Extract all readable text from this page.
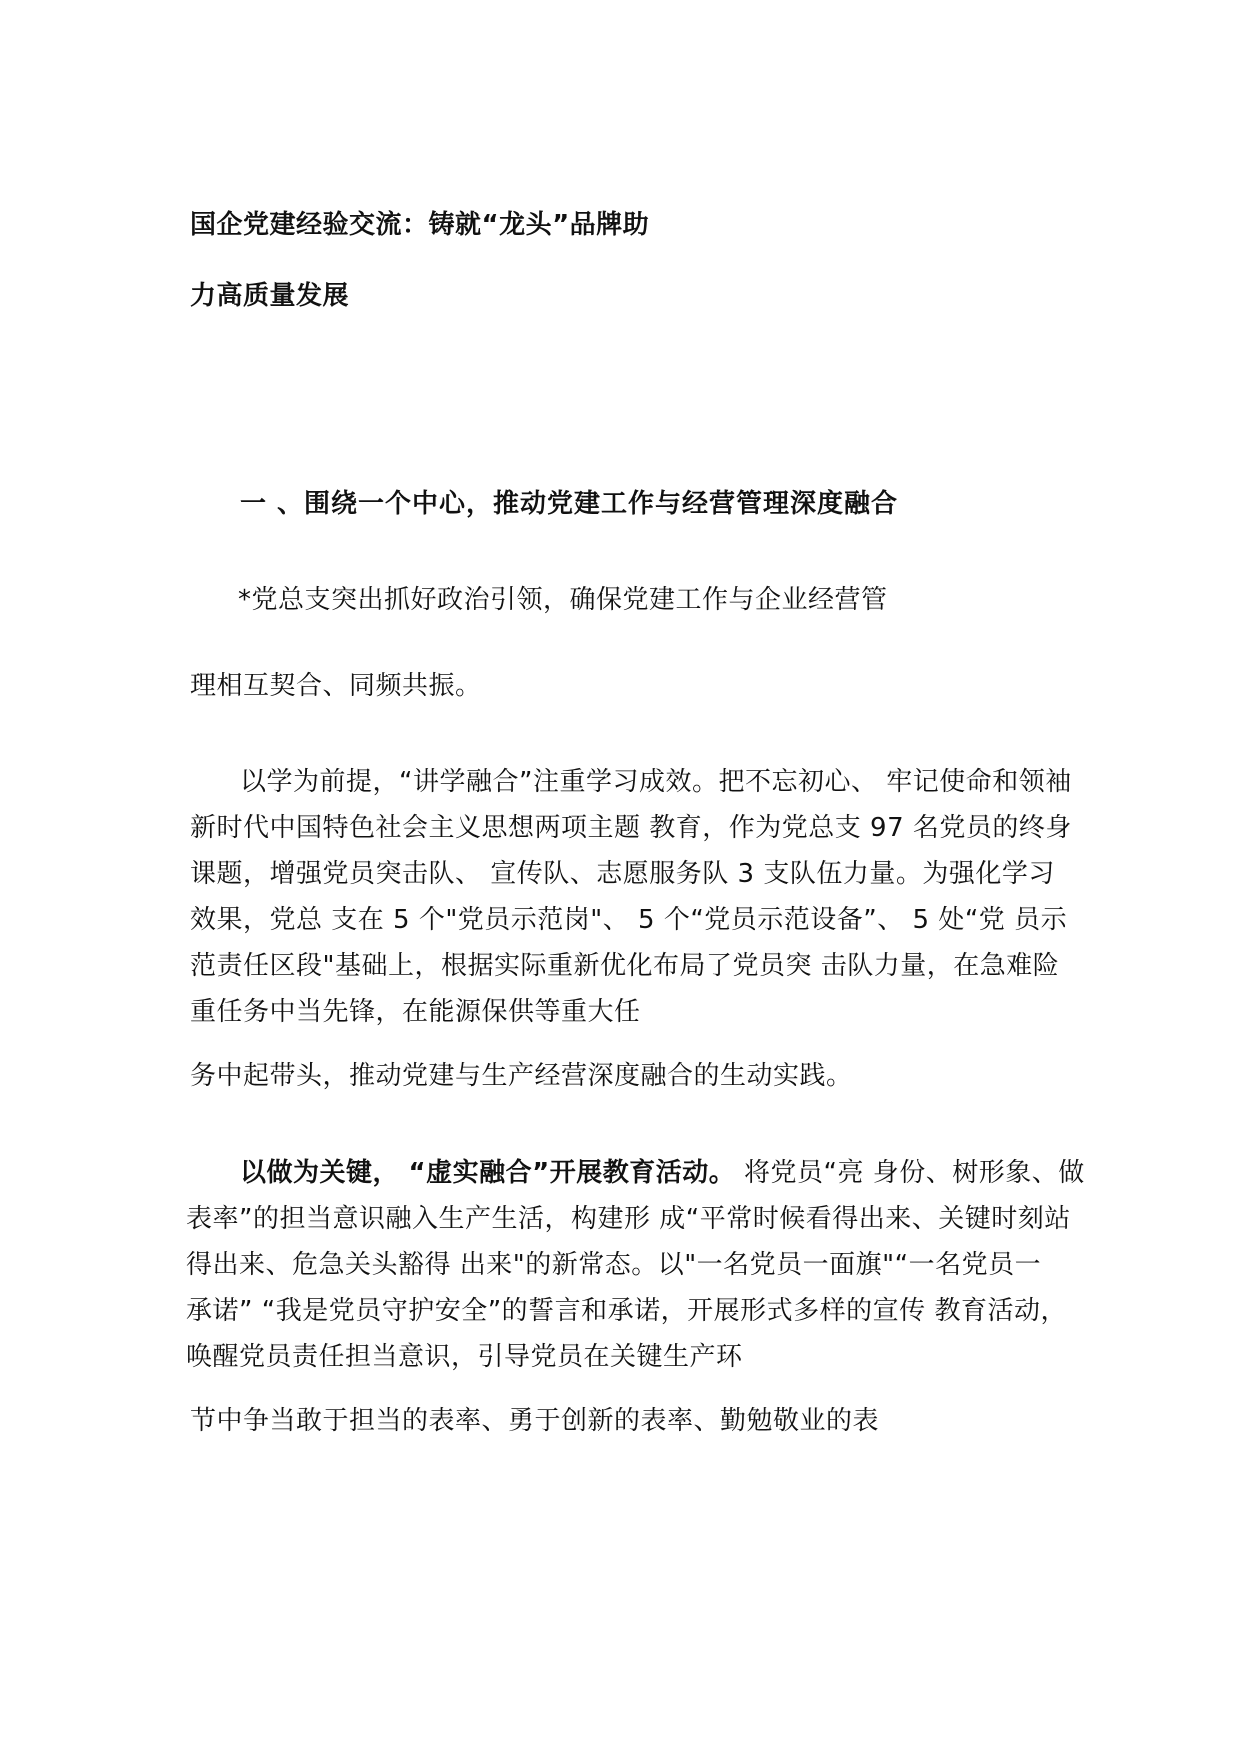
国企党建经验交流：铸就“龙头”品牌助
力高质量发展
一 、围绕一个中心，推动党建工作与经营管理深度融合
*党总支突出抓好政治引领，确保党建工作与企业经营管
理相互契合、同频共振。
以学为前提，“讲学融合”注重学习成效。把不忘初心、 牢记使命和领袖
新时代中国特色社会主义思想两项主题 教育，作为党总支 97 名党员的终身
课题，增强党员突击队、 宣传队、志愿服务队 3 支队伍力量。为强化学习
效果，党总 支在 5 个"党员示范岗"、 5 个“党员示范设备”、 5 处“党 员示
范责任区段"基础上，根据实际重新优化布局了党员突 击队力量，在急难险
重任务中当先锋，在能源保供等重大任
务中起带头，推动党建与生产经营深度融合的生动实践。
以做为关键， “虚实融合”开展教育活动。 将党员“亮 身份、树形象、做
表率”的担当意识融入生产生活，构建形 成“平常时候看得出来、关键时刻站
得出来、危急关头豁得 出来"的新常态。以"一名党员一面旗"“一名党员一
承诺” “我是党员守护安全”的誓言和承诺，开展形式多样的宣传 教育活动，
唤醒党员责任担当意识，引导党员在关键生产环
节中争当敢于担当的表率、勇于创新的表率、勤勉敬业的表
